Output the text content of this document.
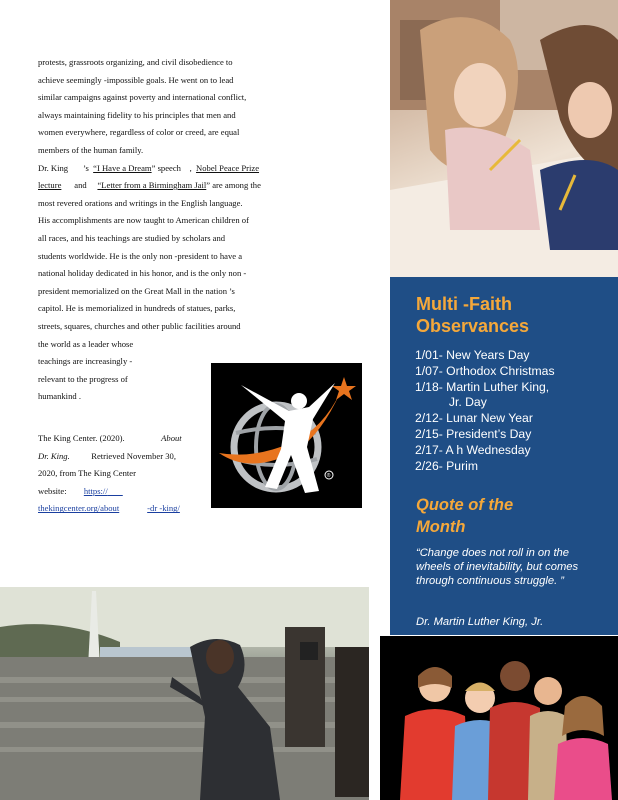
protests, grassroots organizing, and civil disobedience to
achieve seemingly -impossible goals. He went on to lead
similar campaigns against poverty and international conflict,
always maintaining fidelity to his principles that men and
women everywhere, regardless of color or creed, are equal
members of the human family.

Dr. King ’s “I Have a Dream” speech , Nobel Peace Prize
lecture and “Letter from a Birmingham Jail” are among the
most revered orations and writings in the English language.
His accomplishments are now taught to American children of
all races, and his teachings are studied by scholars and
students worldwide. He is the only non -president to have a
national holiday dedicated in his honor, and is the only non -
president memorialized on the Great Mall in the nation ’s
capitol. He is memorialized in hundreds of statues, parks,
streets, squares, churches and other public facilities around
the world as a leader whose
teachings are increasingly -
relevant to the progress of
humankind .

The King Center. (2020).	About
Dr. King. Retrieved November 30,
2020, from The King Center
website: https://
thekingcenter.org/about	-dr -king/
®
Multi -Faith
Observances
1/01- New Years Day
1/07- Orthodox Christmas
1/18- Martin Luther King,
Jr. Day
2/12- Lunar New Year
2/15- President’s Day
2/17- A h Wednesday
2/26- Purim
Quote of the
Month

“Change does not roll in on the wheels of inevitability, but comes through continuous struggle. ”

Dr. Martin Luther King, Jr.
